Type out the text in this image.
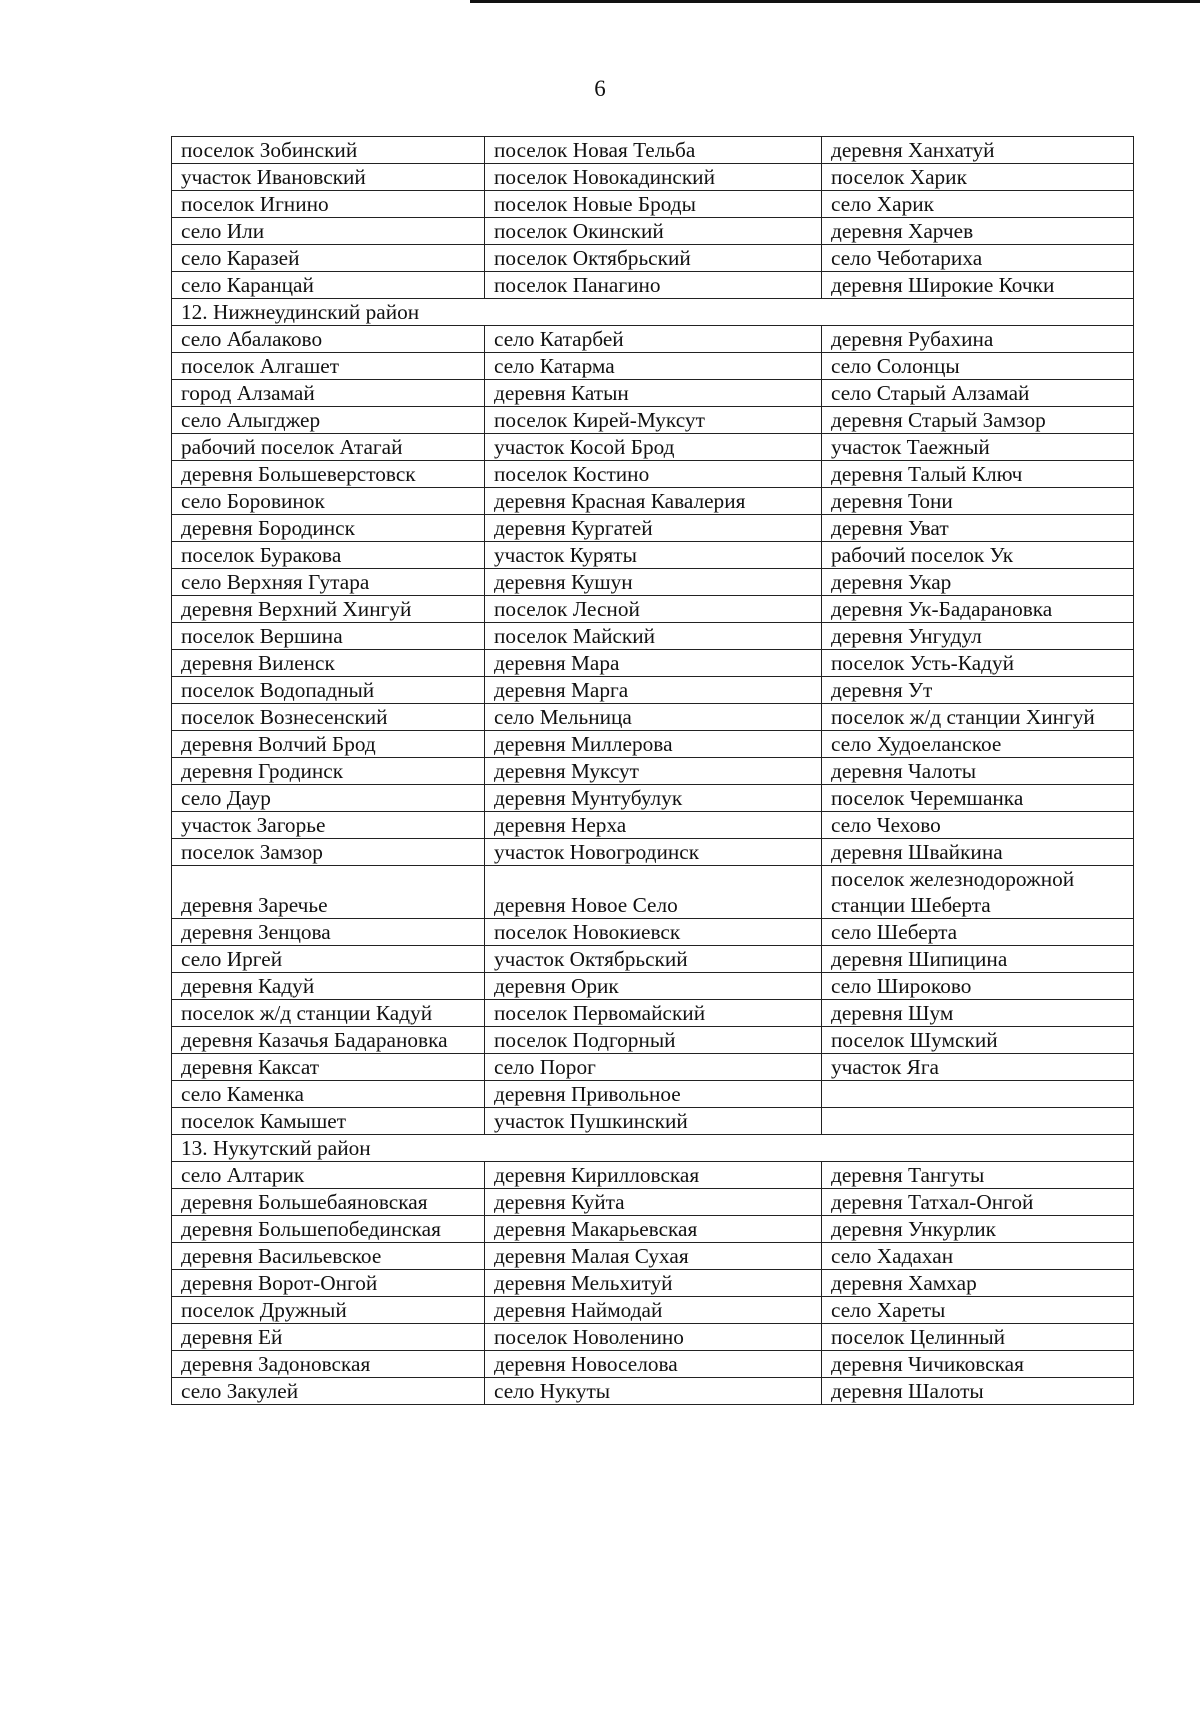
6
поселок Зобинский	поселок Новая Тельба	деревня Ханхатуй
участок Ивановский	поселок Новокадинский	поселок Харик
поселок Игнино	поселок Новые Броды	село Харик
село Или	поселок Окинский	деревня Харчев
село Каразей	поселок Октябрьский	село Чеботариха
село Каранцай	поселок Панагино	деревня Широкие Кочки
12. Нижнеудинский район		
село Абалаково	село Катарбей	деревня Рубахина
поселок Алгашет	село Катарма	село Солонцы
город Алзамай	деревня Катын	село Старый Алзамай
село Алыгджер	поселок Кирей-Муксут	деревня Старый Замзор
рабочий поселок Атагай	участок Косой Брод	участок Таежный
деревня Большеверстовск	поселок Костино	деревня Талый Ключ
село Боровинок	деревня Красная Кавалерия	деревня Тони
деревня Бородинск	деревня Кургатей	деревня Уват
поселок Буракова	участок Куряты	рабочий поселок Ук
село Верхняя Гутара	деревня Кушун	деревня Укар
деревня Верхний Хингуй	поселок Лесной	деревня Ук-Бадарановка
поселок Вершина	поселок Майский	деревня Унгудул
деревня Виленск	деревня Мара	поселок Усть-Кадуй
поселок Водопадный	деревня Марга	деревня Ут
поселок Вознесенский	село Мельница	поселок ж/д станции Хингуй
деревня Волчий Брод	деревня Миллерова	село Худоеланское
деревня Гродинск	деревня Муксут	деревня Чалоты
село Даур	деревня Мунтубулук	поселок Черемшанка
участок Загорье	деревня Нерха	село Чехово
поселок Замзор	участок Новогродинск	деревня Швайкина
деревня Заречье	деревня Новое Село	поселок железнодорожной станции Шеберта
деревня Зенцова	поселок Новокиевск	село Шеберта
село Иргей	участок Октябрьский	деревня Шипицина
деревня Кадуй	деревня Орик	село Широково
поселок ж/д станции Кадуй	поселок Первомайский	деревня Шум
деревня Казачья Бадарановка	поселок Подгорный	поселок Шумский
деревня Каксат	село Порог	участок Яга
село Каменка	деревня Привольное	
поселок Камышет	участок Пушкинский	
13. Нукутский район		
село Алтарик	деревня Кирилловская	деревня Тангуты
деревня Большебаяновская	деревня Куйта	деревня Татхал-Онгой
деревня Большепобединская	деревня Макарьевская	деревня Ункурлик
деревня Васильевское	деревня Малая Сухая	село Хадахан
деревня Ворот-Онгой	деревня Мельхитуй	деревня Хамхар
поселок Дружный	деревня Наймодай	село Хареты
деревня Ей	поселок Новоленино	поселок Целинный
деревня Задоновская	деревня Новоселова	деревня Чичиковская
село Закулей	село Нукуты	деревня Шалоты
